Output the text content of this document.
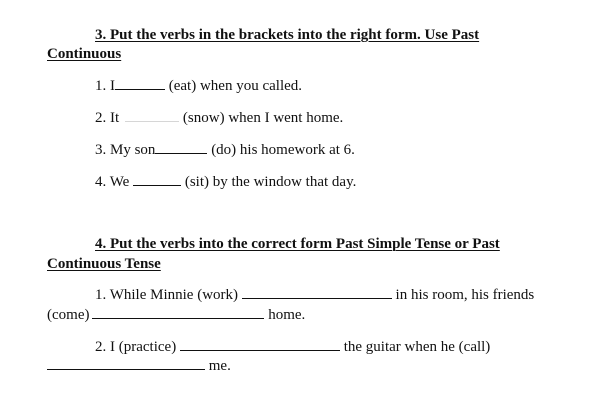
3. Put the verbs in the brackets into the right form. Use Past
Continuous
1. I	(eat) when you called.
2. It	(snow) when I went home.
3. My son	(do) his homework at 6.
4. We	(sit) by the window that day.
4. Put the verbs into the correct form Past Simple Tense or Past
Continuous Tense
1. While Minnie (work)	in his room, his friends
(come)	home.
2. I (practice)	the guitar when he (call)
me.
